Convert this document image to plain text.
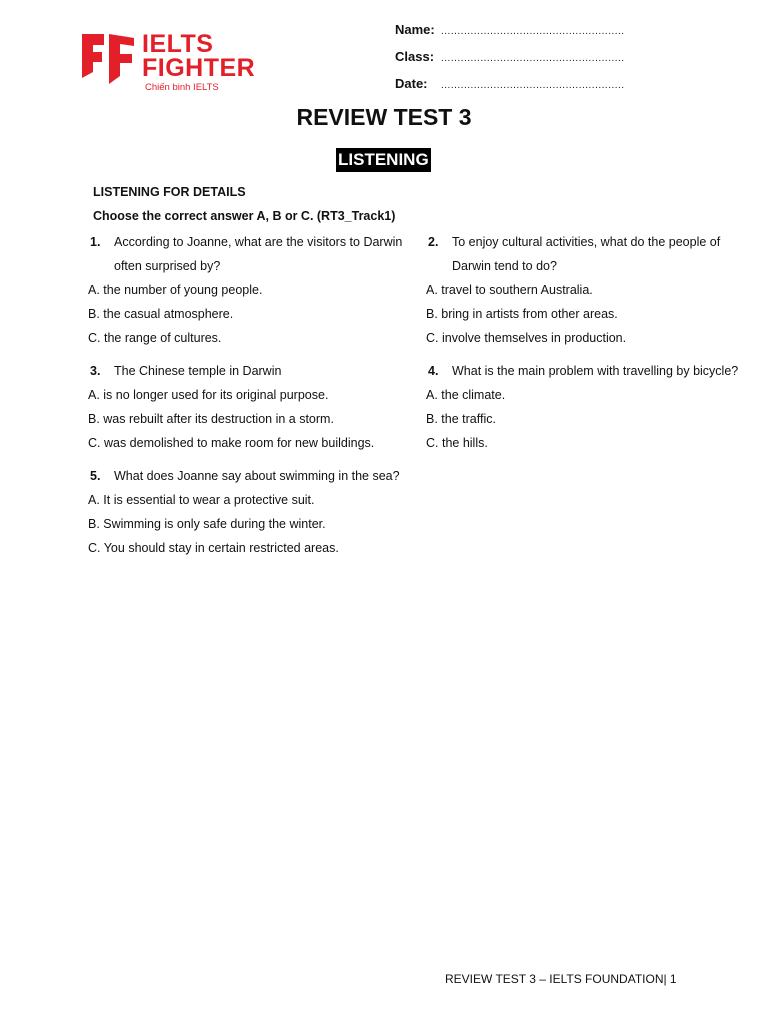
IELTS
FIGHTER
Chiến binh IELTS
Name: ........................................................
Class: ........................................................
Date: ........................................................
REVIEW TEST 3
LISTENING
LISTENING FOR DETAILS
Choose the correct answer A, B or C. (RT3_Track1)
1. According to Joanne, what are the visitors to Darwin
often surprised by?
A. the number of young people.
B. the casual atmosphere.
C. the range of cultures.
2. To enjoy cultural activities, what do the people of
Darwin tend to do?
A. travel to southern Australia.
B. bring in artists from other areas.
C. involve themselves in production.
3. The Chinese temple in Darwin
A. is no longer used for its original purpose.
B. was rebuilt after its destruction in a storm.
C. was demolished to make room for new buildings.
4. What is the main problem with travelling by bicycle?
A. the climate.
B. the traffic.
C. the hills.
5. What does Joanne say about swimming in the sea?
A. It is essential to wear a protective suit.
B. Swimming is only safe during the winter.
C. You should stay in certain restricted areas.
REVIEW TEST 3 – IELTS FOUNDATION| 1
